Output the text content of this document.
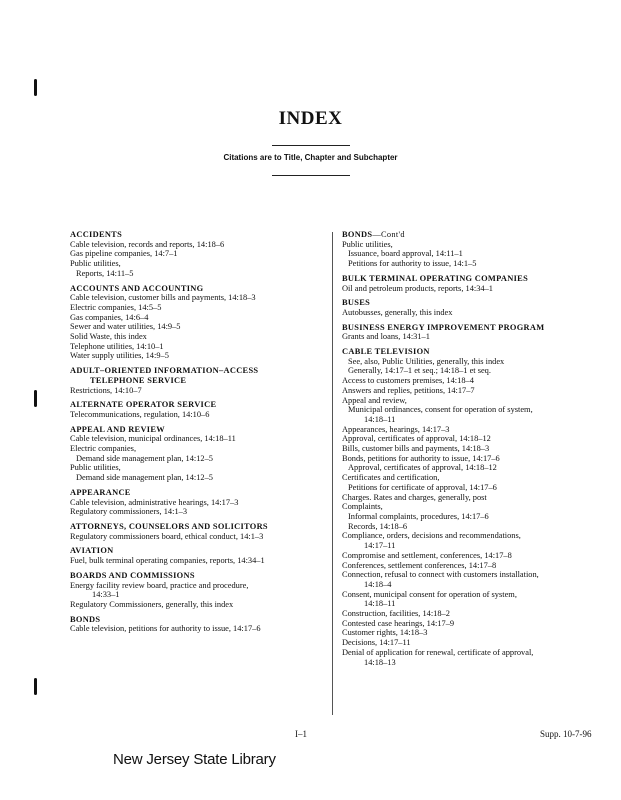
INDEX
Citations are to Title, Chapter and Subchapter
ACCIDENTS
Cable television, records and reports, 14:18–6
Gas pipeline companies, 14:7–1
Public utilities,
Reports, 14:11–5
ACCOUNTS AND ACCOUNTING
Cable television, customer bills and payments, 14:18–3
Electric companies, 14:5–5
Gas companies, 14:6–4
Sewer and water utilities, 14:9–5
Solid Waste, this index
Telephone utilities, 14:10–1
Water supply utilities, 14:9–5
ADULT–ORIENTED INFORMATION–ACCESS
TELEPHONE SERVICE
Restrictions, 14:10–7
ALTERNATE OPERATOR SERVICE
Telecommunications, regulation, 14:10–6
APPEAL AND REVIEW
Cable television, municipal ordinances, 14:18–11
Electric companies,
Demand side management plan, 14:12–5
Public utilities,
Demand side management plan, 14:12–5
APPEARANCE
Cable television, administrative hearings, 14:17–3
Regulatory commissioners, 14:1–3
ATTORNEYS, COUNSELORS AND SOLICITORS
Regulatory commissioners board, ethical conduct, 14:1–3
AVIATION
Fuel, bulk terminal operating companies, reports, 14:34–1
BOARDS AND COMMISSIONS
Energy facility review board, practice and procedure,
14:33–1
Regulatory Commissioners, generally, this index
BONDS
Cable television, petitions for authority to issue, 14:17–6
BONDS—Cont'd
Public utilities,
Issuance, board approval, 14:11–1
Petitions for authority to issue, 14:1–5
BULK TERMINAL OPERATING COMPANIES
Oil and petroleum products, reports, 14:34–1
BUSES
Autobusses, generally, this index
BUSINESS ENERGY IMPROVEMENT PROGRAM
Grants and loans, 14:31–1
CABLE TELEVISION
See, also, Public Utilities, generally, this index
Generally, 14:17–1 et seq.; 14:18–1 et seq.
Access to customers premises, 14:18–4
Answers and replies, petitions, 14:17–7
Appeal and review,
Municipal ordinances, consent for operation of system,
14:18–11
Appearances, hearings, 14:17–3
Approval, certificates of approval, 14:18–12
Bills, customer bills and payments, 14:18–3
Bonds, petitions for authority to issue, 14:17–6
Approval, certificates of approval, 14:18–12
Certificates and certification,
Petitions for certificate of approval, 14:17–6
Charges. Rates and charges, generally, post
Complaints,
Informal complaints, procedures, 14:17–6
Records, 14:18–6
Compliance, orders, decisions and recommendations,
14:17–11
Compromise and settlement, conferences, 14:17–8
Conferences, settlement conferences, 14:17–8
Connection, refusal to connect with customers installation,
14:18–4
Consent, municipal consent for operation of system,
14:18–11
Construction, facilities, 14:18–2
Contested case hearings, 14:17–9
Customer rights, 14:18–3
Decisions, 14:17–11
Denial of application for renewal, certificate of approval,
14:18–13
I–1	Supp. 10-7-96
New Jersey State Library
